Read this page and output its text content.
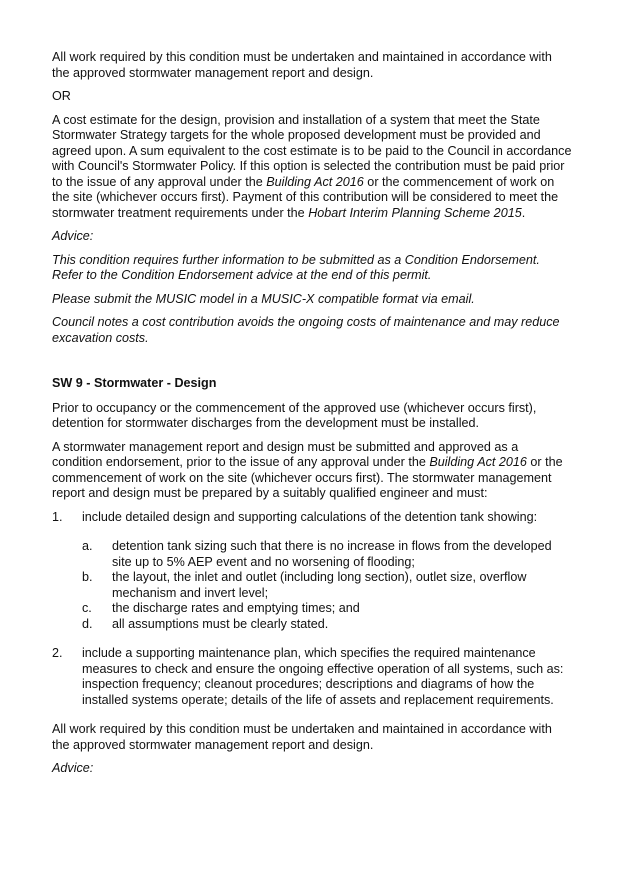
All work required by this condition must be undertaken and maintained in accordance with the approved stormwater management report and design.

OR

A cost estimate for the design, provision and installation of a system that meet the State Stormwater Strategy targets for the whole proposed development must be provided and agreed upon. A sum equivalent to the cost estimate is to be paid to the Council in accordance with Council's Stormwater Policy. If this option is selected the contribution must be paid prior to the issue of any approval under the Building Act 2016 or the commencement of work on the site (whichever occurs first). Payment of this contribution will be considered to meet the stormwater treatment requirements under the Hobart Interim Planning Scheme 2015.

Advice:

This condition requires further information to be submitted as a Condition Endorsement. Refer to the Condition Endorsement advice at the end of this permit.

Please submit the MUSIC model in a MUSIC-X compatible format via email.

Council notes a cost contribution avoids the ongoing costs of maintenance and may reduce excavation costs.

SW 9 - Stormwater - Design

Prior to occupancy or the commencement of the approved use (whichever occurs first), detention for stormwater discharges from the development must be installed.

A stormwater management report and design must be submitted and approved as a condition endorsement, prior to the issue of any approval under the Building Act 2016 or the commencement of work on the site (whichever occurs first). The stormwater management report and design must be prepared by a suitably qualified engineer and must:

1. include detailed design and supporting calculations of the detention tank showing:
a. detention tank sizing such that there is no increase in flows from the developed site up to 5% AEP event and no worsening of flooding;
b. the layout, the inlet and outlet (including long section), outlet size, overflow mechanism and invert level;
c. the discharge rates and emptying times; and
d. all assumptions must be clearly stated.
2. include a supporting maintenance plan, which specifies the required maintenance measures to check and ensure the ongoing effective operation of all systems, such as: inspection frequency; cleanout procedures; descriptions and diagrams of how the installed systems operate; details of the life of assets and replacement requirements.

All work required by this condition must be undertaken and maintained in accordance with the approved stormwater management report and design.

Advice:
